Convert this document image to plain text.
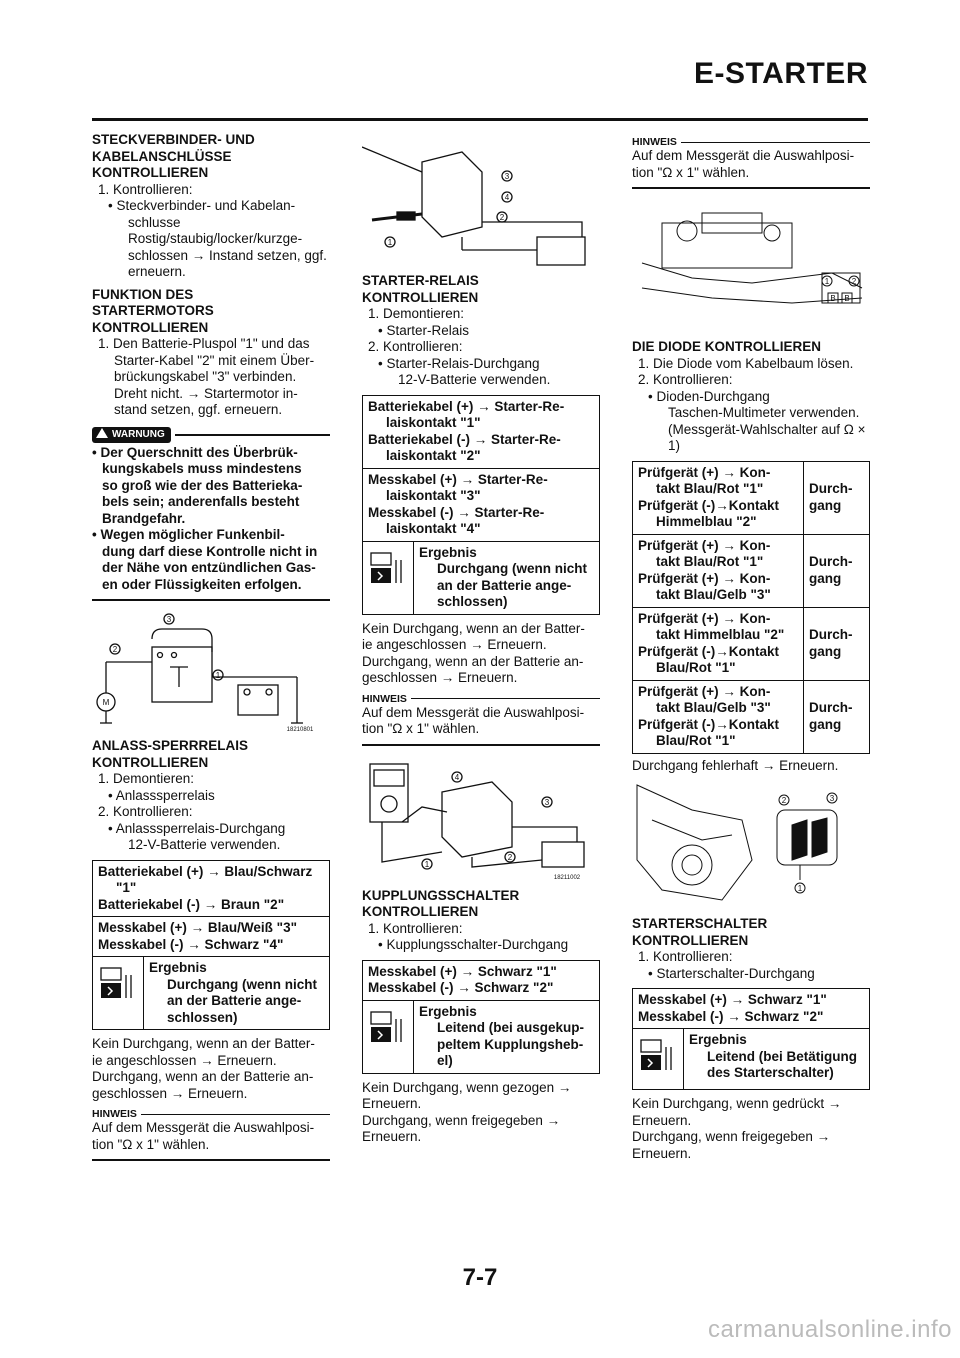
E-STARTER

STECKVERBINDER- UND
KABELANSCHLÜSSE
KONTROLLIEREN

1. Kontrollieren:

• Steckverbinder- und Kabelan-

schlusse
Rostig/staubig/locker/kurzge-
schlossen → Instand setzen, ggf.
erneuern.

FUNKTION DES
STARTERMOTORS
KONTROLLIEREN

1. Den Batterie-Pluspol "1" und das

Starter-Kabel "2" mit einem Über-
brückungskabel "3" verbinden.
Dreht nicht. → Startermotor in-
stand setzen, ggf. erneuern.

WARNUNG
• Der Querschnitt des Überbrük-
kungskabels muss mindestens
so groß wie der des Batterieka-
bels sein; anderenfalls besteht
Brandgefahr.
• Wegen möglicher Funkenbil-
dung darf diese Kontrolle nicht in
der Nähe von entzündlichen Gas-
en oder Flüssigkeiten erfolgen.
2
3
1
M
1821​0801

ANLASS-SPERRRELAIS
KONTROLLIEREN

1. Demontieren:

• Anlasssperrelais

2. Kontrollieren:

• Anlasssperrelais-Durchgang

12-V-Batterie verwenden.

Batteriekabel (+) → Blau/Schwarz
"1"
Batteriekabel (-) → Braun "2"
Messkabel (+) → Blau/Weiß "3"
Messkabel (-) → Schwarz "4"
Ergebnis
Durchgang (wenn nicht
an der Batterie ange-
schlossen)

Kein Durchgang, wenn an der Batter-
ie angeschlossen → Erneuern.
Durchgang, wenn an der Batterie an-
geschlossen → Erneuern.

HINWEIS
Auf dem Messgerät die Auswahlposi-
tion "Ω x 1" wählen.
3
4
2
1

STARTER-RELAIS
KONTROLLIEREN

1. Demontieren:

• Starter-Relais

2. Kontrollieren:

• Starter-Relais-Durchgang

12-V-Batterie verwenden.

Batteriekabel (+) → Starter-Re-
laiskontakt "1"
Batteriekabel (-) → Starter-Re-
laiskontakt "2"
Messkabel (+) → Starter-Re-
laiskontakt "3"
Messkabel (-) → Starter-Re-
laiskontakt "4"
Ergebnis
Durchgang (wenn nicht
an der Batterie ange-
schlossen)

Kein Durchgang, wenn an der Batter-
ie angeschlossen → Erneuern.
Durchgang, wenn an der Batterie an-
geschlossen → Erneuern.

HINWEIS
Auf dem Messgerät die Auswahlposi-
tion "Ω x 1" wählen.
4
3
2
1
1821​1002

KUPPLUNGSSCHALTER
KONTROLLIEREN

1. Kontrollieren:

• Kupplungsschalter-Durchgang

Messkabel (+) → Schwarz "1"
Messkabel (-) → Schwarz "2"
Ergebnis
Leitend (bei ausgekup-
peltem Kupplungsheb-
el)

Kein Durchgang, wenn gezogen →
Erneuern.
Durchgang, wenn freigegeben →
Erneuern.

HINWEIS
Auf dem Messgerät die Auswahlposi-
tion "Ω x 1" wählen.
1	2
B B

DIE DIODE KONTROLLIEREN

1. Die Diode vom Kabelbaum lösen.

2. Kontrollieren:

• Dioden-Durchgang

Taschen-Multimeter verwenden.
(Messgerät-Wahlschalter auf Ω ×
1)

Prüfgerät (+) → Kon-
takt Blau/Rot "1"
Prüfgerät (-)→Kontakt
Himmelblau "2"
Durch-
gang
Prüfgerät (+) → Kon-
takt Blau/Rot "1"
Prüfgerät (+) → Kon-
takt Blau/Gelb "3"
Durch-
gang
Prüfgerät (+) → Kon-
takt Himmelblau "2"
Prüfgerät (-)→Kontakt
Blau/Rot "1"
Durch-
gang
Prüfgerät (+) → Kon-
takt Blau/Gelb "3"
Prüfgerät (-)→Kontakt
Blau/Rot "1"
Durch-
gang

Durchgang fehlerhaft → Erneuern.

2	3
1

STARTERSCHALTER
KONTROLLIEREN

1. Kontrollieren:

• Starterschalter-Durchgang

Messkabel (+) → Schwarz "1"
Messkabel (-) → Schwarz "2"
Ergebnis
Leitend (bei Betätigung
des Starterschalter)

Kein Durchgang, wenn gedrückt →
Erneuern.
Durchgang, wenn freigegeben →
Erneuern.

7-7
carmanualsonline.info
